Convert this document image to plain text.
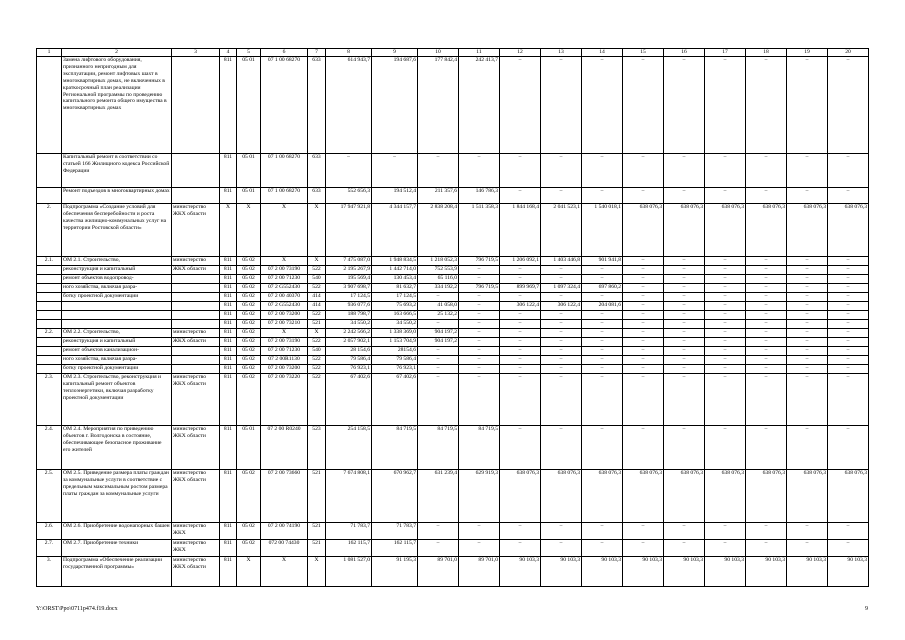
1	2	3	4	5	6	7	8	9	10	11	12	13	14	15	16	17	18	19	20
	Замена лифтового оборудования, признанного непригодным для эксплуатации, ремонт лифтовых шахт в многоквартирных домах, не включенных в краткосрочный план реализации Региональной программы по проведению капитального ремонта общего имущества в многоквартирных домах		811	05 01	07 1 00 68270	633	614 943,7	194 687,6	177 842,4	242 413,7	–	–	–	–	–	–	–	–	–
	Капитальный ремонт в соответствии со статьей 166 Жилищного кодекса Российской Федерации		811	05 01	07 1 00 68270	633	–	–	–	–	–	–	–	–	–	–	–	–	–
	Ремонт подъездов в многоквартирных домах		811	05 01	07 1 00 68270	633	552 656,3	194 512,4	211 357,6	146 786,3	–	–	–	–	–	–	–	–	–
2.	Подпрограмма «Создание условий для обеспечения бесперебойности и роста качества жилищно-коммунальных услуг на территории Ростовской области»	министерство ЖКХ области	Х	Х	Х	Х	17 947 921,8	4 344 157,7	2 838 208,4	1 511 358,3	1 844 168,4	2 041 523,1	1 540 018,1	638 076,3	638 076,3	638 076,3	638 076,3	638 076,3	638 076,3
2.1.	ОМ 2.1. Строительство,	министерство	811	05 02	Х	Х	7 475 087,0	1 948 834,5	1 218 052,3	796 719,5	1 206 092,1	1 403 446,8	901 941,8	–	–	–	–	–	–
	реконструкция и капитальный	ЖКХ области	811	05 02	07 2 00 73190	522	2 195 267,9	1 442 714,0	752 553,9	–	–	–	–	–	–	–	–	–	–
	ремонт объектов водопровод-		811	05 02	07 2 00 71230	540	195 569,4	130 453,4	65 116,0	–	–	–	–	–	–	–	–	–	–
	ного хозяйства, включая разра-		811	05 02	07 2 G552430	522	3 907 698,7	81 632,7	334 192,2	796 719,5	899 969,7	1 097 324,4	697 860,2	–	–	–	–	–	–
	ботку проектной документации		811	05 02	07 2 00 40370	414	17 124,5	17 124,5	–	–	–	–	–	–	–	–	–	–	–
			811	05 02	07 2 G552430	414	936 077,6	75 693,2	41 058,0	–	306 122,4	306 122,4	204 081,6	–	–	–	–	–	–
			811	05 02	07 2 00 73200	522	188 798,7	163 666,5	25 132,2	–	–	–	–	–	–	–	–	–	–
			811	05 02	07 2 00 73210	521	34 550,2	34 550,2	–	–	–	–	–	–	–	–	–	–	–
2.2.	ОМ 2.2. Строительство,	министерство	811	05 02	Х	Х	2 242 566,2	1 338 369,0	904 197,2	–	–	–	–	–	–	–	–	–	–
	реконструкция и капитальный	ЖКХ области	811	05 02	07 2 00 73190	522	2 057 902,1	1 153 704,9	904 197,2	–	–	–	–	–	–	–	–	–	–
	ремонт объектов канализацион-		811	05 02	07 2 00 71230	540	28 154,6	28154,6	–	–	–	–	–	–	–	–	–	–	–
	ного хозяйства, включая разра-		811	05 02	07 2 00R1130	522	79 586,4	79 586,4	–	–	–	–	–	–	–	–	–	–	–
	ботку проектной документации		811	05 02	07 2 00 73200	522	76 923,1	76 923,1	–	–	–	–	–	–	–	–	–	–	–
2.3.	ОМ 2.3. Строительство, реконструкция и капитальный ремонт объектов теплоэнергетики, включая разработку проектной документации	министерство ЖКХ области	811	05 02	07 2 00 73220	522	67 402,6	67 402,6	–	–	–	–	–	–	–	–	–	–	–
2.4.	ОМ 2.4. Мероприятия по приведению объектов г. Волгодонска в состояние, обеспечивающее безопасное проживание его жителей	министерство ЖКХ области	811	05 01	07 2 00 R0240	523	254 158,5	84 719,5	84 719,5	84 719,5	–	–	–	–	–	–	–	–	–
2.5.	ОМ 2.5. Приведение размера платы граждан за коммунальные услуги в соответствие с предельным максимальным ростом размера платы граждан за коммунальные услуги	министерство ЖКХ области	811	05 02	07 2 00 73660	521	7 674 808,1	670 962,7	631 239,4	629 919,3	638 076,3	638 076,3	638 076,3	638 076,3	638 076,3	638 076,3	638 076,3	638 076,3	638 076,3
2.6.	ОМ 2.6. Приобретение водонапорных башен	министерство ЖКХ	811	05 02	07 2 00 74190	521	71 783,7	71 783,7	–	–	–	–	–	–	–	–	–	–	–
2.7.	ОМ 2.7. Приобретение техники	министерство ЖКХ	811	05 02	072 00 74430	521	162 115,7	162 115,7	–	–	–	–	–	–	–	–	–	–	–
3.	Подпрограмма «Обеспечение реализации государственной программы»	министерство ЖКХ области	811	Х	Х	Х	1 081 527,0	91 195,3	89 701,0	89 701,0	90 103,3	90 103,3	90 103,3	90 103,3	90 103,3	90 103,3	90 103,3	90 103,3	90 103,3
Y:\ORST\Ppo\0711p474.f19.docx	9
